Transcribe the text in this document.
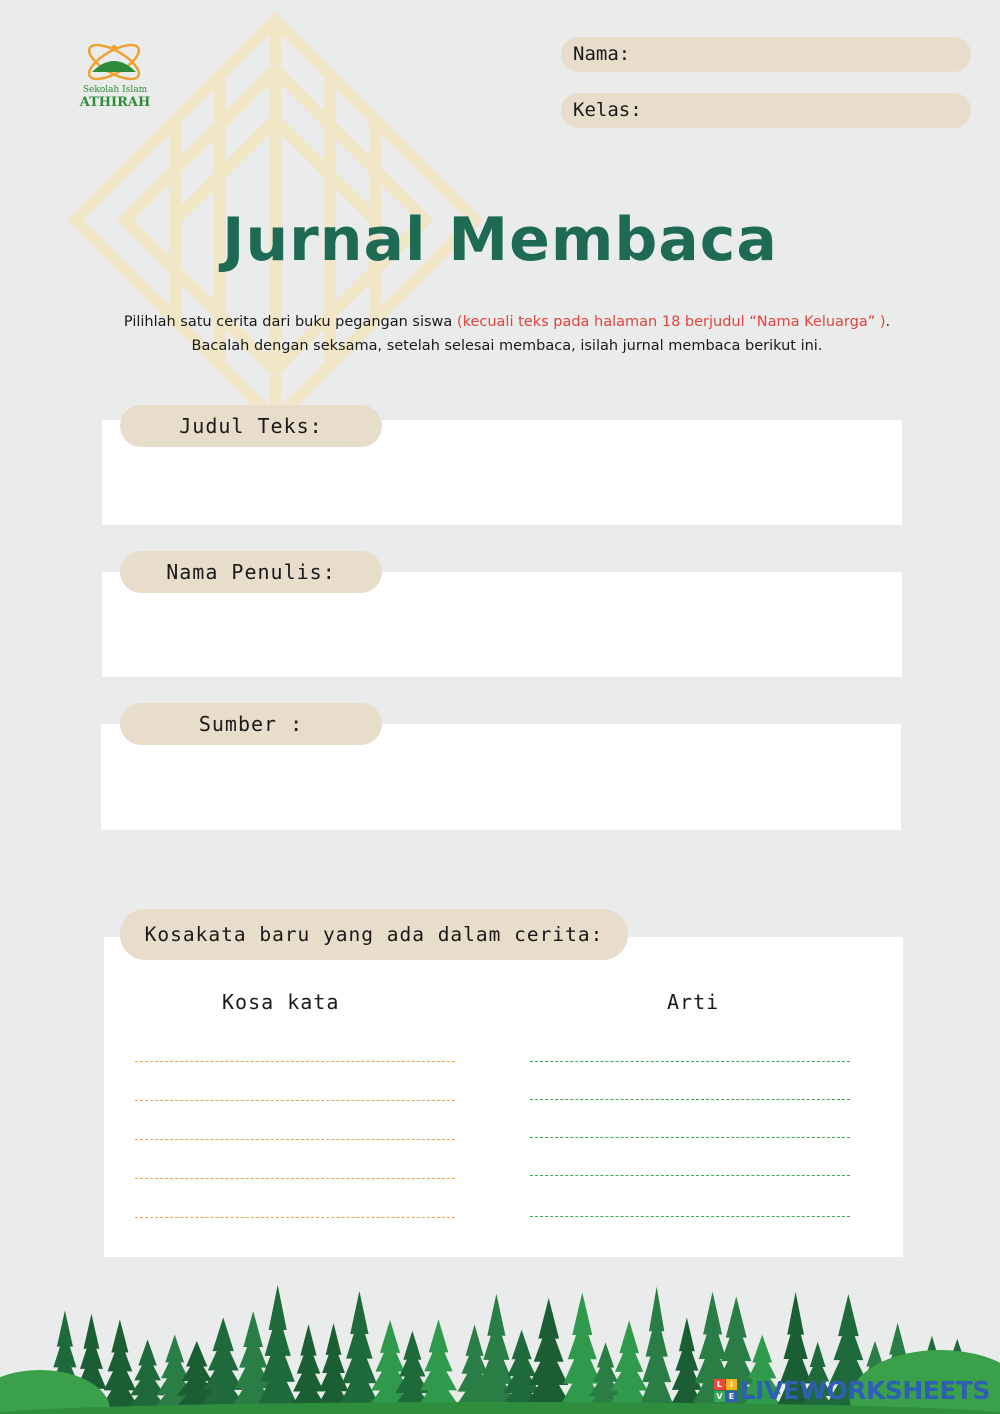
Sekolah Islam
ATHIRAH
Nama:
Kelas:
Jurnal Membaca
Pilihlah satu cerita dari buku pegangan siswa (kecuali teks pada halaman 18 berjudul “Nama Keluarga” ). Bacalah dengan seksama, setelah selesai membaca, isilah jurnal membaca berikut ini.
Judul Teks:
Nama Penulis:
Sumber :
Kosakata baru yang ada dalam cerita:
Kosa kata	Arti
L	I
V E LIVEWORKSHEETS
